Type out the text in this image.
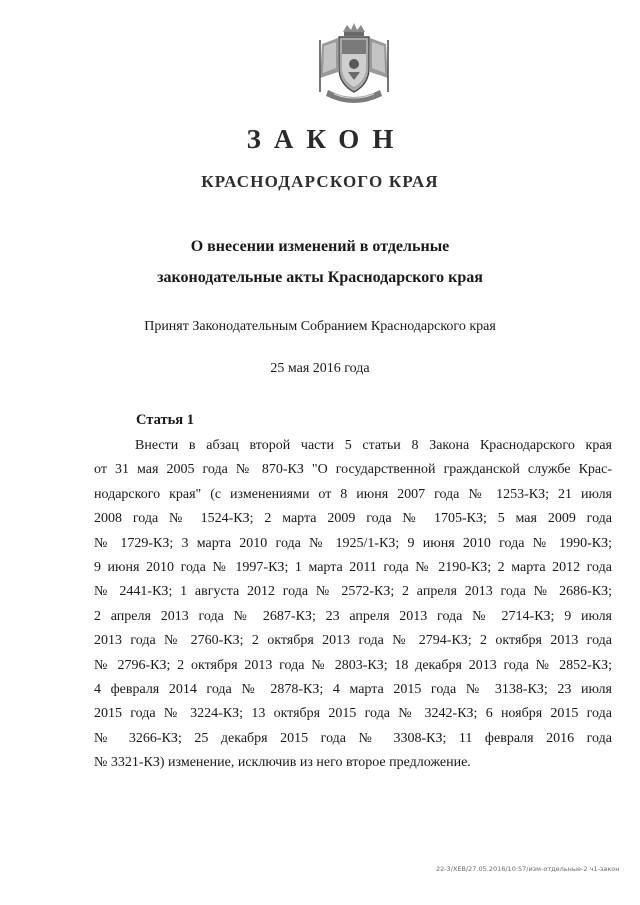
ЗАКОН
КРАСНОДАРСКОГО КРАЯ
О внесении изменений в отдельные
законодательные акты Краснодарского края
Принят Законодательным Собранием Краснодарского края
25 мая 2016 года
Статья 1
Внести в абзац второй части 5 статьи 8 Закона Краснодарского края
от 31 мая 2005 года № 870-КЗ "О государственной гражданской службе Крас-
нодарского края" (с изменениями от 8 июня 2007 года № 1253-КЗ; 21 июля
2008 года № 1524-КЗ; 2 марта 2009 года № 1705-КЗ; 5 мая 2009 года
№ 1729-КЗ; 3 марта 2010 года № 1925/1-КЗ; 9 июня 2010 года № 1990-КЗ;
9 июня 2010 года № 1997-КЗ; 1 марта 2011 года № 2190-КЗ; 2 марта 2012 года
№ 2441-КЗ; 1 августа 2012 года № 2572-КЗ; 2 апреля 2013 года № 2686-КЗ;
2 апреля 2013 года № 2687-КЗ; 23 апреля 2013 года № 2714-КЗ; 9 июля
2013 года № 2760-КЗ; 2 октября 2013 года № 2794-КЗ; 2 октября 2013 года
№ 2796-КЗ; 2 октября 2013 года № 2803-КЗ; 18 декабря 2013 года № 2852-КЗ;
4 февраля 2014 года № 2878-КЗ; 4 марта 2015 года № 3138-КЗ; 23 июля
2015 года № 3224-КЗ; 13 октября 2015 года № 3242-КЗ; 6 ноября 2015 года
№ 3266-КЗ; 25 декабря 2015 года № 3308-КЗ; 11 февраля 2016 года
№ 3321-КЗ) изменение, исключив из него второе предложение.
22-3/XEB/27.05.2016/10:57/изм-отдельные-2 ч1-закон
